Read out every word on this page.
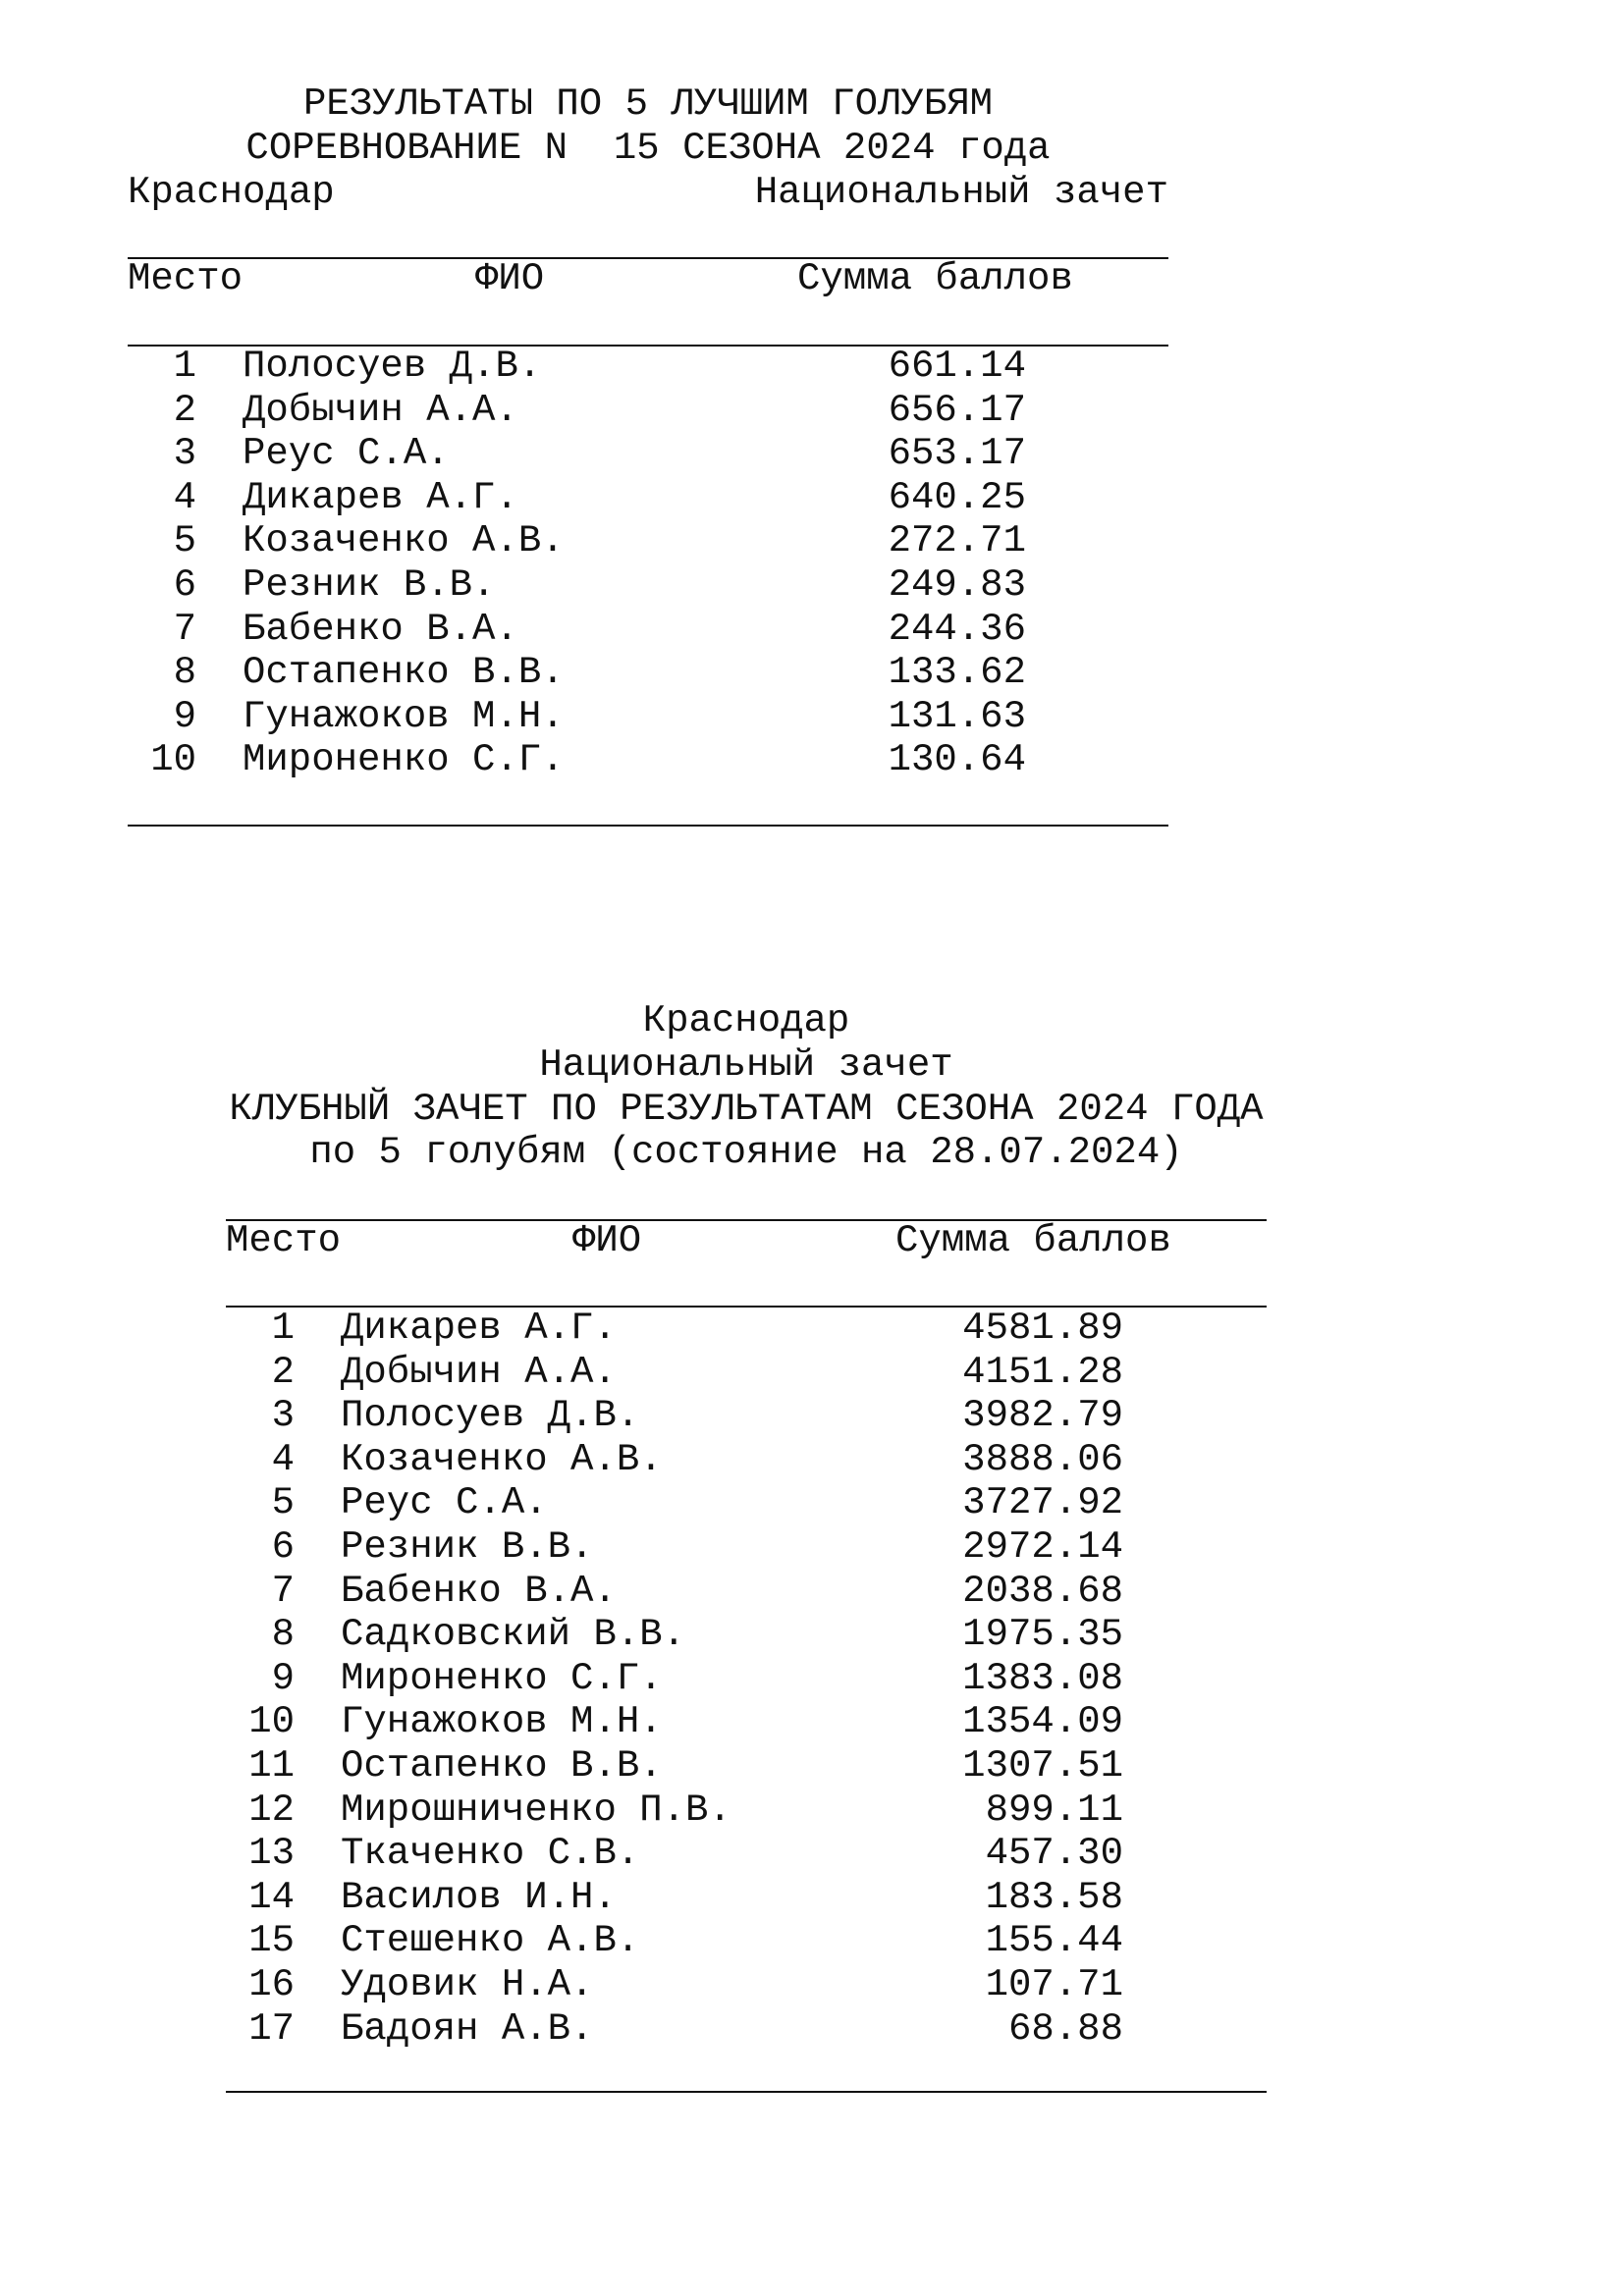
РЕЗУЛЬТАТЫ ПО 5 ЛУЧШИМ ГОЛУБЯМ
СОРЕВНОВАНИЕ N  15 СЕЗОНА 2024 года
Краснодар	Национальный зачет
Место	ФИО	Сумма баллов
1 Полосуев Д.В.	661.14
2 Добычин А.А.	656.17
3 Реус С.А.	653.17
4 Дикарев А.Г.	640.25
5 Козаченко А.В.	272.71
6 Резник В.В.	249.83
7 Бабенко В.А.	244.36
8 Остапенко В.В.	133.62
9 Гунажоков М.Н.	131.63
10 Мироненко С.Г.	130.64
Краснодар
Национальный зачет
КЛУБНЫЙ ЗАЧЕТ ПО РЕЗУЛЬТАТАМ СЕЗОНА 2024 ГОДА
по 5 голубям (состояние на 28.07.2024)
Место	ФИО	Сумма баллов
1 Дикарев А.Г.	4581.89
2 Добычин А.А.	4151.28
3 Полосуев Д.В.	3982.79
4 Козаченко А.В.	3888.06
5 Реус С.А.	3727.92
6 Резник В.В.	2972.14
7 Бабенко В.А.	2038.68
8 Садковский В.В.	1975.35
9 Мироненко С.Г.	1383.08
10 Гунажоков М.Н.	1354.09
11 Остапенко В.В.	1307.51
12 Мирошниченко П.В.	899.11
13 Ткаченко С.В.	457.30
14 Василов И.Н.	183.58
15 Стешенко А.В.	155.44
16 Удовик Н.А.	107.71
17 Бадоян А.В.	68.88
